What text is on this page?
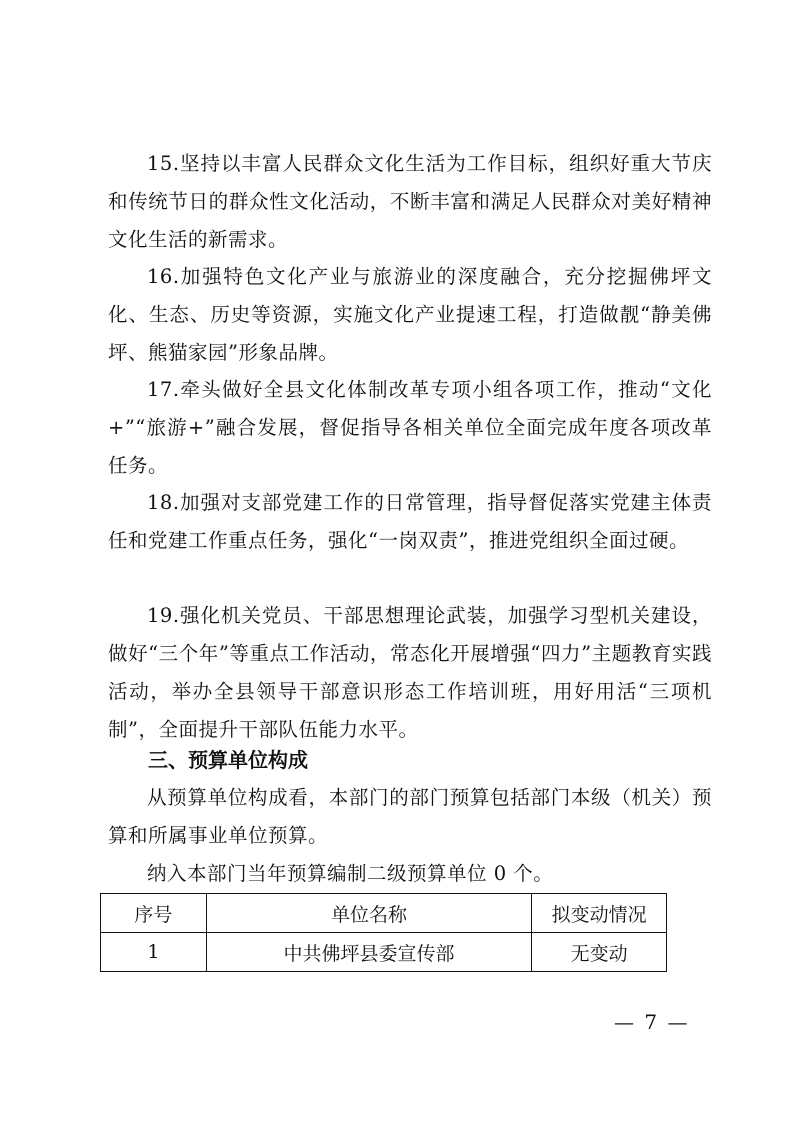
15.坚持以丰富人民群众文化生活为工作目标，组织好重大节庆和传统节日的群众性文化活动，不断丰富和满足人民群众对美好精神文化生活的新需求。

16.加强特色文化产业与旅游业的深度融合，充分挖掘佛坪文化、生态、历史等资源，实施文化产业提速工程，打造做靓“静美佛坪、熊猫家园”形象品牌。

17.牵头做好全县文化体制改革专项小组各项工作，推动“文化+”“旅游+”融合发展，督促指导各相关单位全面完成年度各项改革任务。

18.加强对支部党建工作的日常管理，指导督促落实党建主体责任和党建工作重点任务，强化“一岗双责”，推进党组织全面过硬。

19.强化机关党员、干部思想理论武装，加强学习型机关建设，做好“三个年”等重点工作活动，常态化开展增强“四力”主题教育实践活动，举办全县领导干部意识形态工作培训班，用好用活“三项机制”，全面提升干部队伍能力水平。

三、预算单位构成

从预算单位构成看，本部门的部门预算包括部门本级（机关）预算和所属事业单位预算。

纳入本部门当年预算编制二级预算单位 0 个。

序号	单位名称	拟变动情况
1	中共佛坪县委宣传部	无变动
— 7 —
